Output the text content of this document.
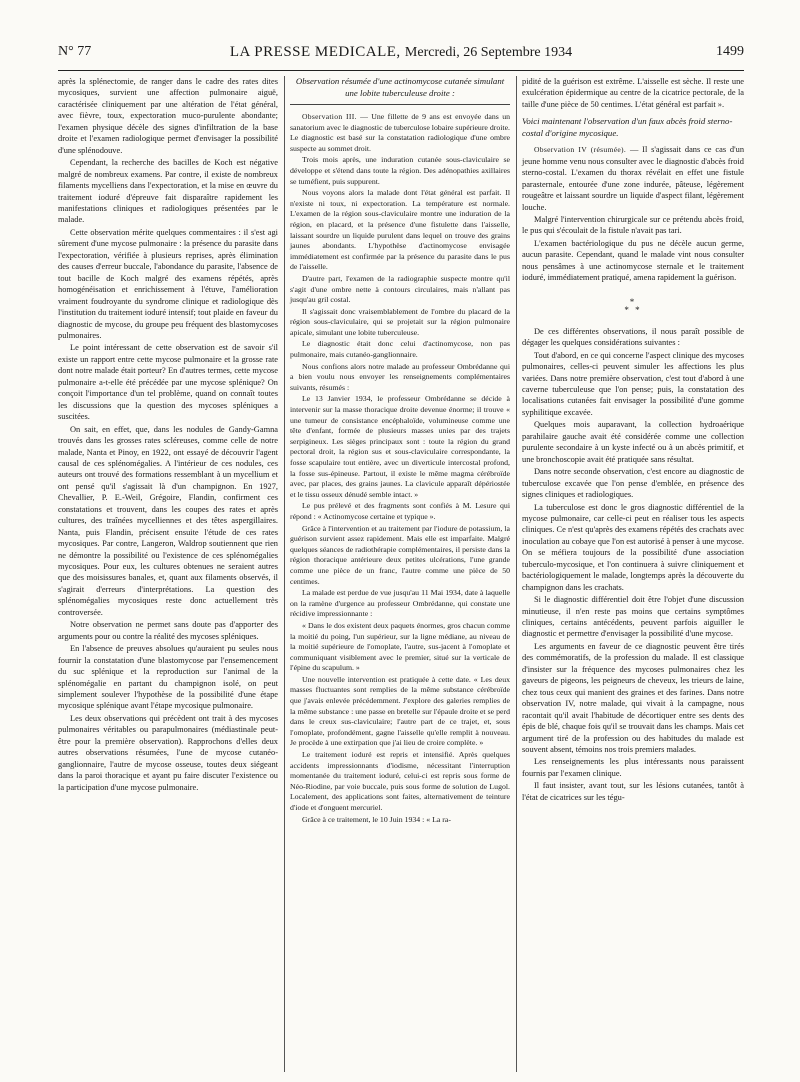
N° 77	LA PRESSE MEDICALE, Mercredi, 26 Septembre 1934	1499

après la splénectomie, de ranger dans le cadre des rates dites mycosiques, survient une affection pulmonaire aiguë, caractérisée cliniquement par une altération de l'état général, avec fièvre, toux, expectoration muco-purulente abondante; l'examen physique décèle des signes d'infiltration de la base droite et l'examen radiologique permet d'envisager la possibilité d'une splénodouve.

Cependant, la recherche des bacilles de Koch est négative malgré de nombreux examens. Par contre, il existe de nombreux filaments mycelliens dans l'expectoration, et la mise en œuvre du traitement ioduré d'épreuve fait disparaître rapidement les manifestations cliniques et radiologiques présentées par le malade.

Cette observation mérite quelques commentaires : il s'est agi sûrement d'une mycose pulmonaire : la présence du parasite dans l'expectoration, vérifiée à plusieurs reprises, après élimination des causes d'erreur buccale, l'abondance du parasite, l'absence de tout bacille de Koch malgré des examens répétés, après homogénéisation et enrichissement à l'étuve, l'amélioration vraiment foudroyante du syndrome clinique et radiologique dès l'institution du traitement ioduré intensif; tout plaide en faveur du diagnostic de mycose, du groupe peu fréquent des blastomycoses pulmonaires.

Le point intéressant de cette observation est de savoir s'il existe un rapport entre cette mycose pulmonaire et la grosse rate dont notre malade était porteur? En d'autres termes, cette mycose pulmonaire a-t-elle été précédée par une mycose splénique? On conçoit l'importance d'un tel problème, quand on connaît toutes les discussions que la question des mycoses spléniques a suscitées.

On sait, en effet, que, dans les nodules de Gandy-Gamna trouvés dans les grosses rates scléreuses, comme celle de notre malade, Nanta et Pinoy, en 1922, ont essayé de découvrir l'agent causal de ces splénomégalies. A l'intérieur de ces nodules, ces auteurs ont trouvé des formations ressemblant à un mycellium et ont pensé qu'il s'agissait là d'un champignon. En 1927, Chevallier, P. E.-Weil, Grégoire, Flandin, confirment ces constatations et trouvent, dans les coupes des rates et après cultures, des traînées mycelliennes et des têtes aspergillaires. Nanta, puis Flandin, précisent ensuite l'étude de ces rates mycosiques. Par contre, Langeron, Waldrop soutiennent que rien ne démontre la possibilité ou l'existence de ces splénomégalies mycosiques. Pour eux, les cultures obtenues ne seraient autres que des moisissures banales, et, quant aux filaments observés, il s'agirait d'erreurs d'interprétations. La question des splénomégalies mycosiques reste donc actuellement très controversée.

Notre observation ne permet sans doute pas d'apporter des arguments pour ou contre la réalité des mycoses spléniques.

En l'absence de preuves absolues qu'auraient pu seules nous fournir la constatation d'une blastomycose par l'ensemencement du suc splénique et la reproduction sur l'animal de la splénomégalie en partant du champignon isolé, on peut simplement soulever l'hypothèse de la possibilité d'une étape mycosique splénique avant l'étape mycosique pulmonaire.

Les deux observations qui précèdent ont trait à des mycoses pulmonaires véritables ou parapulmonaires (médiastinale peut-être pour la première observation). Rapprochons d'elles deux autres observations résumées, l'une de mycose cutanéo-ganglionnaire, l'autre de mycose osseuse, toutes deux siégeant dans la paroi thoracique et ayant pu faire discuter l'existence ou la participation d'une mycose pulmonaire.

Observation résumée d'une actinomycose cutanée simulant une lobite tuberculeuse droite :

Observation III. — Une fillette de 9 ans est envoyée dans un sanatorium avec le diagnostic de tuberculose lobaire supérieure droite. Le diagnostic est basé sur la constatation radiologique d'une ombre suspecte au sommet droit.

Trois mois après, une induration cutanée sous-claviculaire se développe et s'étend dans toute la région. Des adénopathies axillaires se tuméfient, puis suppurent.

Nous voyons alors la malade dont l'état général est parfait. Il n'existe ni toux, ni expectoration. La température est normale. L'examen de la région sous-claviculaire montre une induration de la région, en placard, et la présence d'une fistulette dans l'aisselle, laissant sourdre un liquide purulent dans lequel on trouve des grains jaunes abondants. L'hypothèse d'actinomycose envisagée immédiatement est confirmée par la présence du parasite dans le pus de l'aisselle.

D'autre part, l'examen de la radiographie suspecte montre qu'il s'agit d'une ombre nette à contours circulaires, mais n'allant pas jusqu'au gril costal.

Il s'agissait donc vraisemblablement de l'ombre du placard de la région sous-claviculaire, qui se projetait sur la région pulmonaire apicale, simulant une lobite tuberculeuse.

Le diagnostic était donc celui d'actinomycose, non pas pulmonaire, mais cutanéo-ganglionnaire.

Nous confions alors notre malade au professeur Ombrédanne qui a bien voulu nous envoyer les renseignements complémentaires suivants, résumés :

Le 13 Janvier 1934, le professeur Ombrédanne se décide à intervenir sur la masse thoracique droite devenue énorme; il trouve « une tumeur de consistance encéphaloïde, volumineuse comme une tête d'enfant, formée de plusieurs masses unies par des trajets serpigineux. Les sièges principaux sont : toute la région du grand pectoral droit, la région sus et sous-claviculaire correspondante, la fosse scapulaire tout entière, avec un diverticule intercostal profond, la fosse sus-épineuse. Partout, il existe le même magma cérébroïde avec, par places, des grains jaunes. La clavicule apparaît dépériostée et le tissu osseux dénudé semble intact. »

Le pus prélevé et des fragments sont confiés à M. Lesure qui répond : « Actinomycose certaine et typique ».

Grâce à l'intervention et au traitement par l'iodure de potassium, la guérison survient assez rapidement. Mais elle est imparfaite. Malgré quelques séances de radiothérapie complémentaires, il persiste dans la région thoracique antérieure deux petites ulcérations, l'une grande comme une pièce de un franc, l'autre comme une pièce de 50 centimes.

La malade est perdue de vue jusqu'au 11 Mai 1934, date à laquelle on la ramène d'urgence au professeur Ombrédanne, qui constate une récidive impressionnante :

« Dans le dos existent deux paquets énormes, gros chacun comme la moitié du poing, l'un supérieur, sur la ligne médiane, au niveau de la moitié supérieure de l'omoplate, l'autre, sus-jacent à l'omoplate et communiquant visiblement avec le premier, situé sur la verticale de l'épine du scapulum. »

Une nouvelle intervention est pratiquée à cette date. « Les deux masses fluctuantes sont remplies de la même substance cérébroïde que j'avais enlevée précédemment. J'explore des galeries remplies de la même substance : une passe en bretelle sur l'épaule droite et se perd dans le creux sus-claviculaire; l'autre part de ce trajet, et, sous l'omoplate, profondément, gagne l'aisselle qu'elle remplit à nouveau. Je procède à une extirpation que j'ai lieu de croire complète. »

Le traitement ioduré est repris et intensifié. Après quelques accidents impressionnants d'iodisme, nécessitant l'interruption momentanée du traitement ioduré, celui-ci est repris sous forme de Néo-Riodine, par voie buccale, puis sous forme de solution de Lugol. Localement, des applications sont faites, alternativement de teinture d'iode et d'onguent mercuriel.

Grâce à ce traitement, le 10 Juin 1934 : « La ra-

pidité de la guérison est extrême. L'aisselle est sèche. Il reste une exulcération épidermique au centre de la cicatrice pectorale, de la taille d'une pièce de 50 centimes. L'état général est parfait ».

Voici maintenant l'observation d'un faux abcès froid sterno-costal d'origine mycosique.

Observation IV (résumée). — Il s'agissait dans ce cas d'un jeune homme venu nous consulter avec le diagnostic d'abcès froid sterno-costal. L'examen du thorax révélait en effet une fistule parasternale, entourée d'une zone indurée, pâteuse, légèrement rougeâtre et laissant sourdre un liquide d'aspect filant, légèrement louche.

Malgré l'intervention chirurgicale sur ce prétendu abcès froid, le pus qui s'écoulait de la fistule n'avait pas tari.

L'examen bactériologique du pus ne décèle aucun germe, aucun parasite. Cependant, quand le malade vint nous consulter nous pensâmes à une actinomycose sternale et le traitement ioduré, immédiatement pratiqué, amena rapidement la guérison.

*
* *

De ces différentes observations, il nous paraît possible de dégager les quelques considérations suivantes :

Tout d'abord, en ce qui concerne l'aspect clinique des mycoses pulmonaires, celles-ci peuvent simuler les affections les plus variées. Dans notre première observation, c'est tout d'abord à une caverne tuberculeuse que l'on pense; puis, la constatation des localisations cutanées fait envisager la possibilité d'une gomme syphilitique excavée.

Quelques mois auparavant, la collection hydroaérique parahilaire gauche avait été considérée comme une collection purulente secondaire à un kyste infecté ou à un abcès primitif, et une bronchoscopie avait été pratiquée sans résultat.

Dans notre seconde observation, c'est encore au diagnostic de tuberculose excavée que l'on pense d'emblée, en présence des signes cliniques et radiologiques.

La tuberculose est donc le gros diagnostic différentiel de la mycose pulmonaire, car celle-ci peut en réaliser tous les aspects cliniques. Ce n'est qu'après des examens répétés des crachats avec inoculation au cobaye que l'on est autorisé à penser à une mycose. On se méfiera toujours de la possibilité d'une association tuberculo-mycosique, et l'on continuera à suivre cliniquement et bactériologiquement le malade, longtemps après la découverte du champignon dans les crachats.

Si le diagnostic différentiel doit être l'objet d'une discussion minutieuse, il n'en reste pas moins que certains symptômes cliniques, certains antécédents, peuvent parfois aiguiller le diagnostic et permettre d'envisager la possibilité d'une mycose.

Les arguments en faveur de ce diagnostic peuvent être tirés des commémoratifs, de la profession du malade. Il est classique d'insister sur la fréquence des mycoses pulmonaires chez les gaveurs de pigeons, les peigneurs de cheveux, les trieurs de laine, chez tous ceux qui manient des graines et des farines. Dans notre observation IV, notre malade, qui vivait à la campagne, nous racontait qu'il avait l'habitude de décortiquer entre ses dents des épis de blé, chaque fois qu'il se trouvait dans les champs. Mais cet argument tiré de la profession ou des habitudes du malade est souvent absent, témoins nos trois premiers malades.

Les renseignements les plus intéressants nous paraissent fournis par l'examen clinique.

Il faut insister, avant tout, sur les lésions cutanées, tantôt à l'état de cicatrices sur les tégu-
